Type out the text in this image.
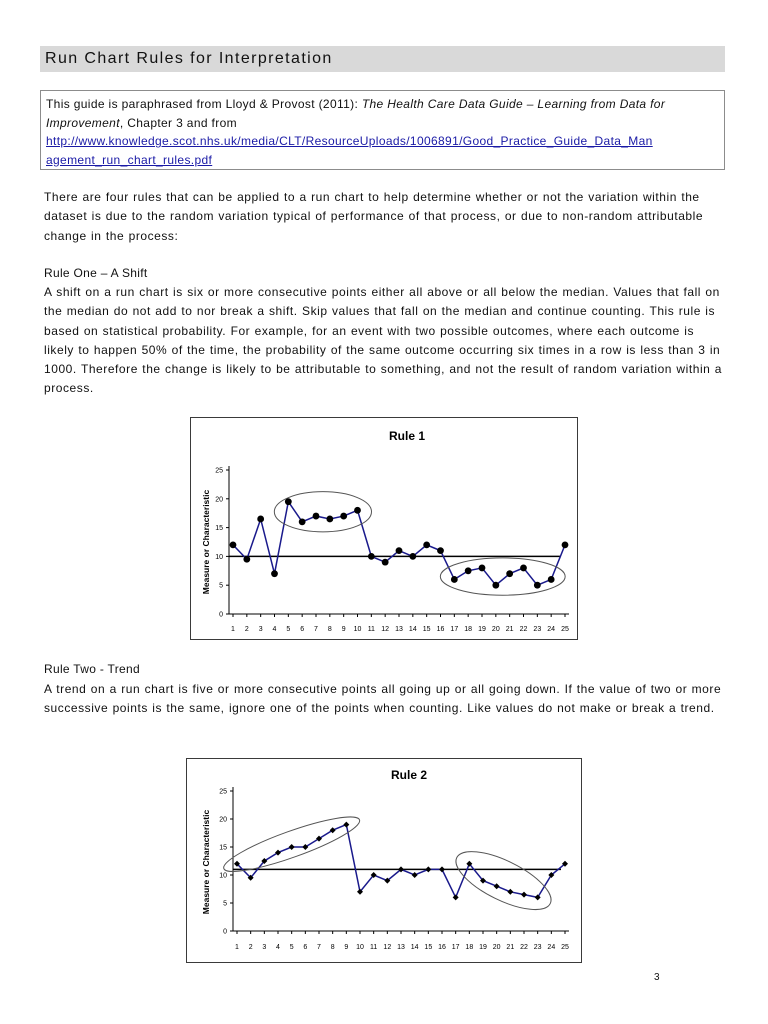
Run Chart Rules for Interpretation
This guide is paraphrased from Lloyd & Provost (2011): The Health Care Data Guide – Learning from Data for Improvement, Chapter 3 and from
http://www.knowledge.scot.nhs.uk/media/CLT/ResourceUploads/1006891/Good_Practice_Guide_Data_Man
agement_run_chart_rules.pdf
There are four rules that can be applied to a run chart to help determine whether or not the variation within the dataset is due to the random variation typical of performance of that process, or due to non-random attributable change in the process:
Rule One – A Shift
A shift on a run chart is six or more consecutive points either all above or all below the median. Values that fall on the median do not add to nor break a shift. Skip values that fall on the median and continue counting. This rule is based on statistical probability. For example, for an event with two possible outcomes, where each outcome is likely to happen 50% of the time, the probability of the same outcome occurring six times in a row is less than 3 in 1000. Therefore the change is likely to be attributable to something, and not the result of random variation within a process.
Rule 1
Measure or Characteristic
0
5
10
15
20
25
1 2 3 4 5 6 7 8 9 10 11 12 13 14 15 16 17 18 19 20 21 22 23 24 25
Rule Two - Trend
A trend on a run chart is five or more consecutive points all going up or all going down. If the value of two or more successive points is the same, ignore one of the points when counting. Like values do not make or break a trend.
Rule 2
Measure or Characteristic
0
5
10
15
20
25
1 2 3 4 5 6 7 8 9 10 11 12 13 14 15 16 17 18 19 20 21 22 23 24 25
3
